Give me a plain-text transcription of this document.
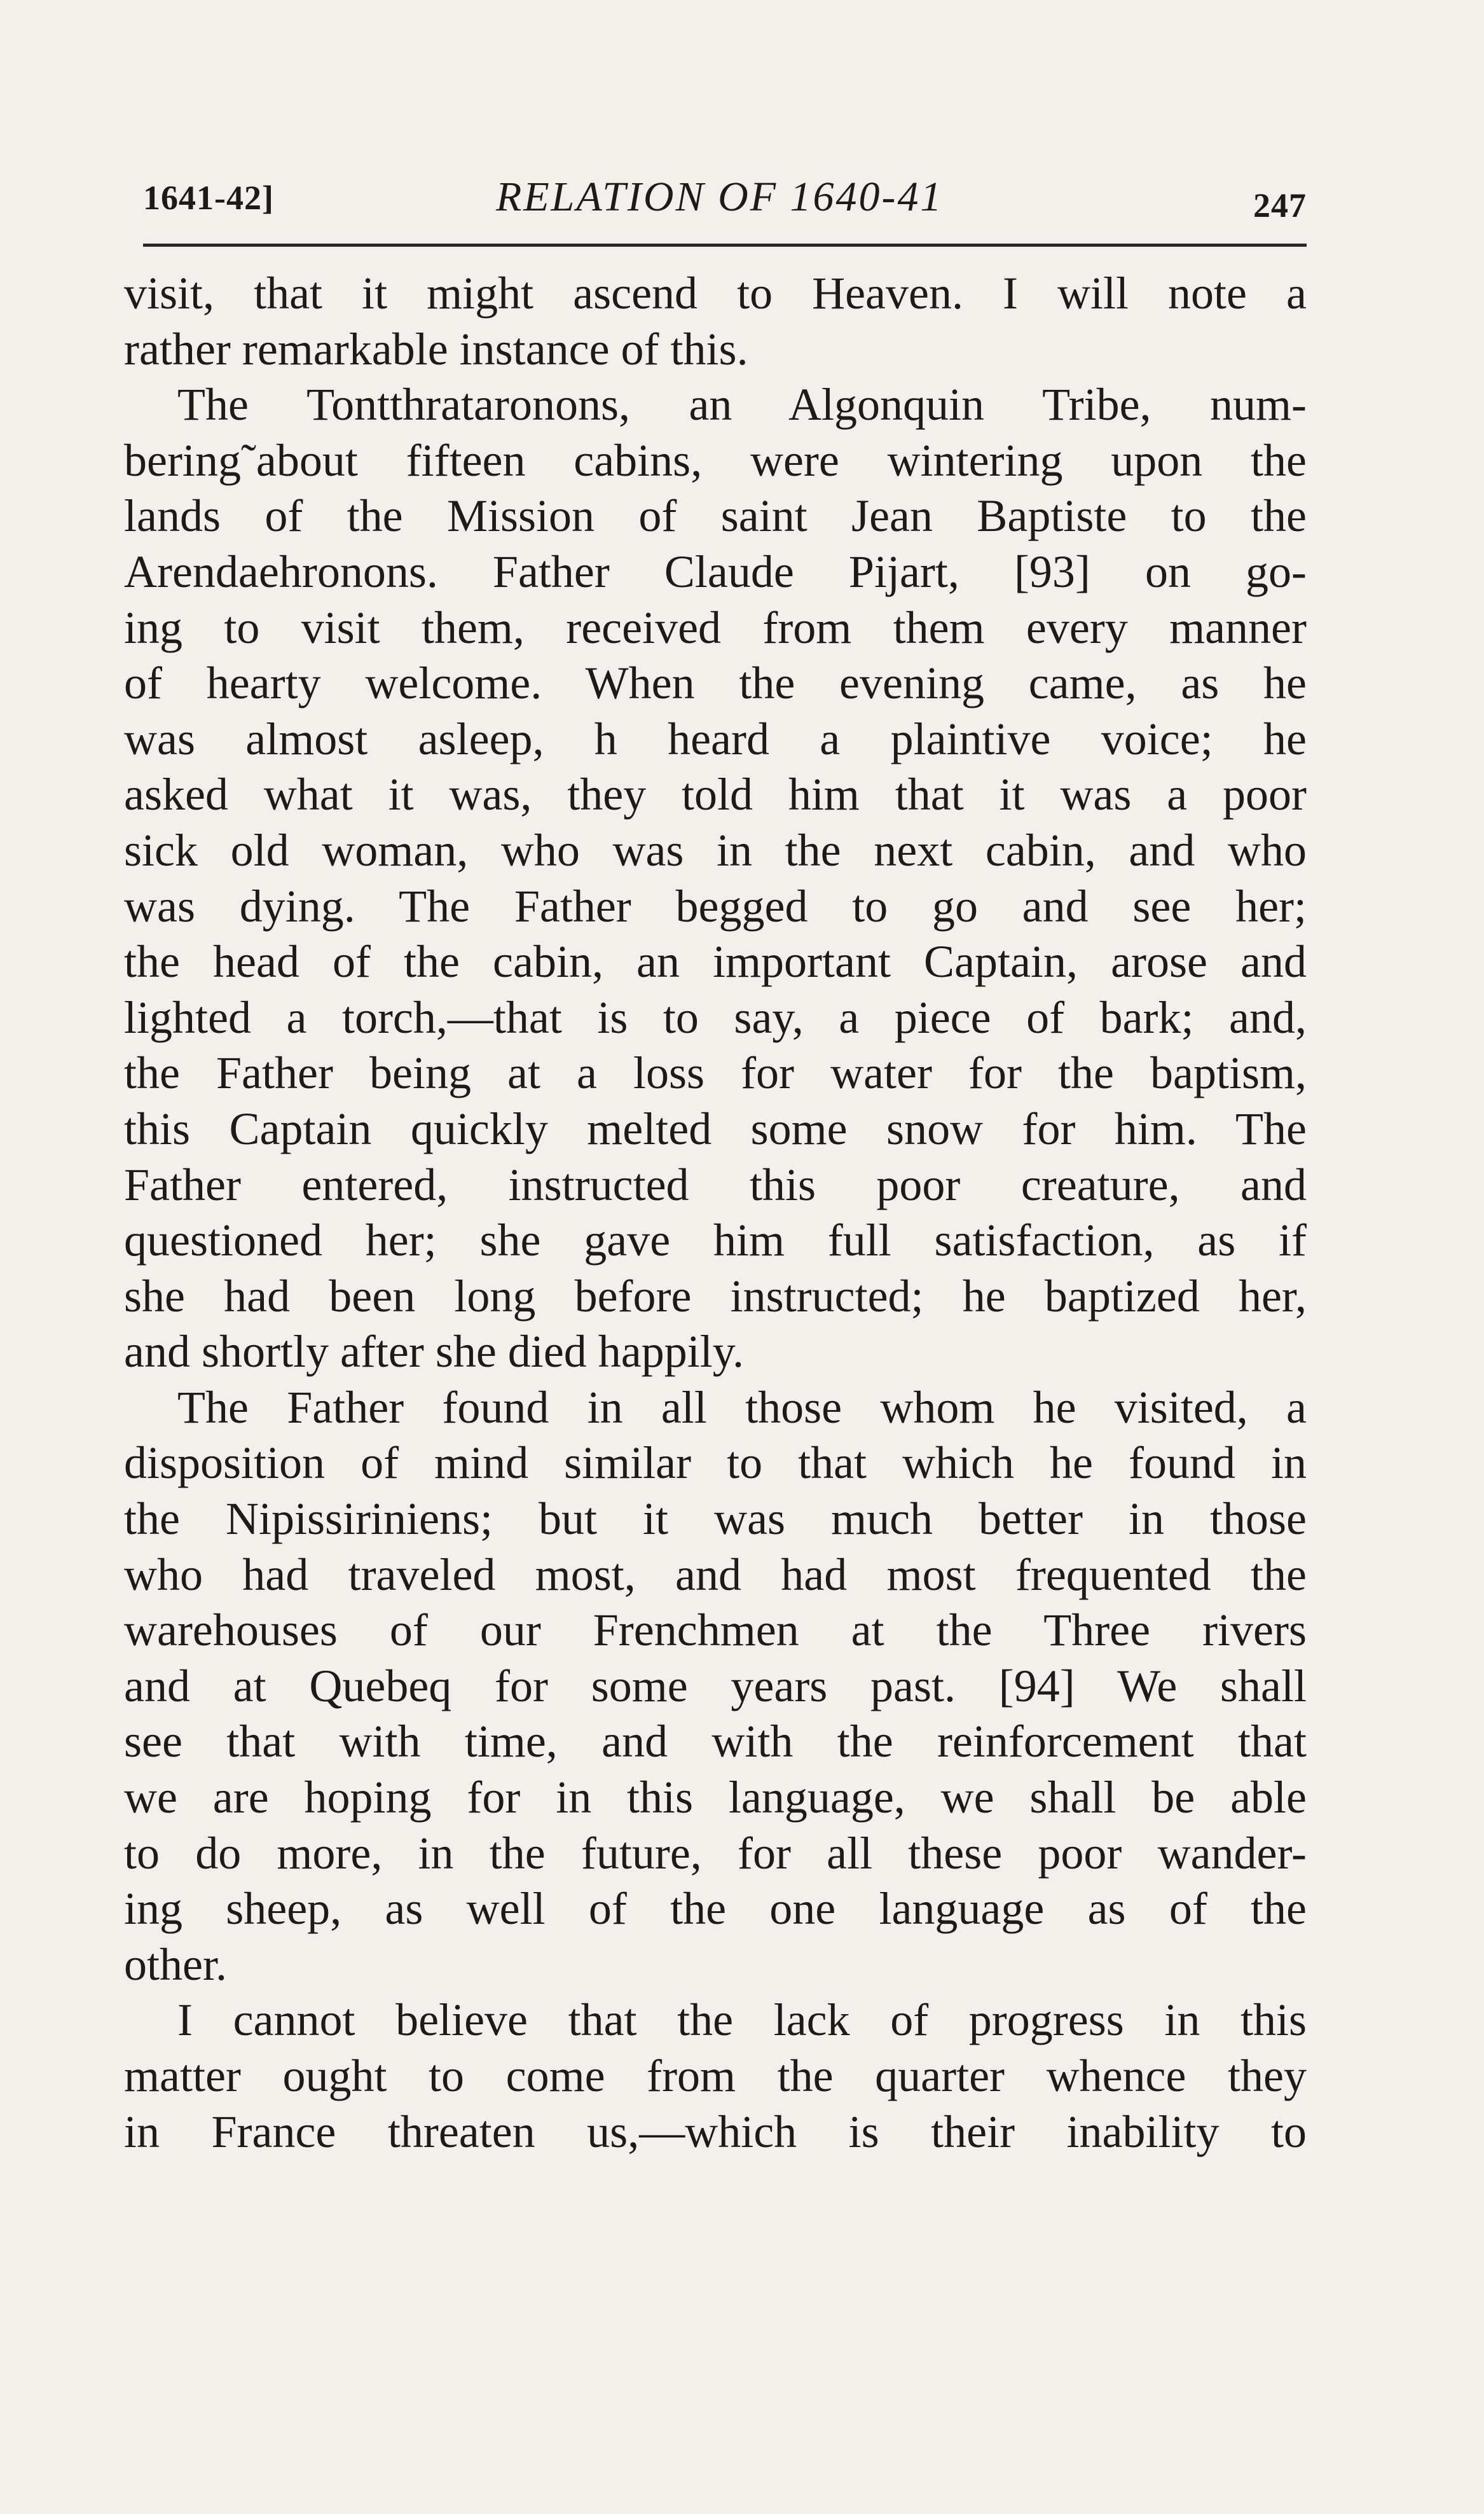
1641-42]	RELATION OF 1640-41	247
visit, that it might ascend to Heaven. I will note a
rather remarkable instance of this.
The Tontthrataronons, an Algonquin Tribe, num-
bering˜about fifteen cabins, were wintering upon the
lands of the Mission of saint Jean Baptiste to the
Arendaehronons. Father Claude Pijart, [93] on go-
ing to visit them, received from them every manner
of hearty welcome. When the evening came, as he
was almost asleep, h heard a plaintive voice; he
asked what it was, they told him that it was a poor
sick old woman, who was in the next cabin, and who
was dying. The Father begged to go and see her;
the head of the cabin, an important Captain, arose and
lighted a torch,—that is to say, a piece of bark; and,
the Father being at a loss for water for the baptism,
this Captain quickly melted some snow for him. The
Father entered, instructed this poor creature, and
questioned her; she gave him full satisfaction, as if
she had been long before instructed; he baptized her,
and shortly after she died happily.
The Father found in all those whom he visited, a
disposition of mind similar to that which he found in
the Nipissiriniens; but it was much better in those
who had traveled most, and had most frequented the
warehouses of our Frenchmen at the Three rivers
and at Quebeq for some years past. [94] We shall
see that with time, and with the reinforcement that
we are hoping for in this language, we shall be able
to do more, in the future, for all these poor wander-
ing sheep, as well of the one language as of the
other.
I cannot believe that the lack of progress in this
matter ought to come from the quarter whence they
in France threaten us,—which is their inability to
